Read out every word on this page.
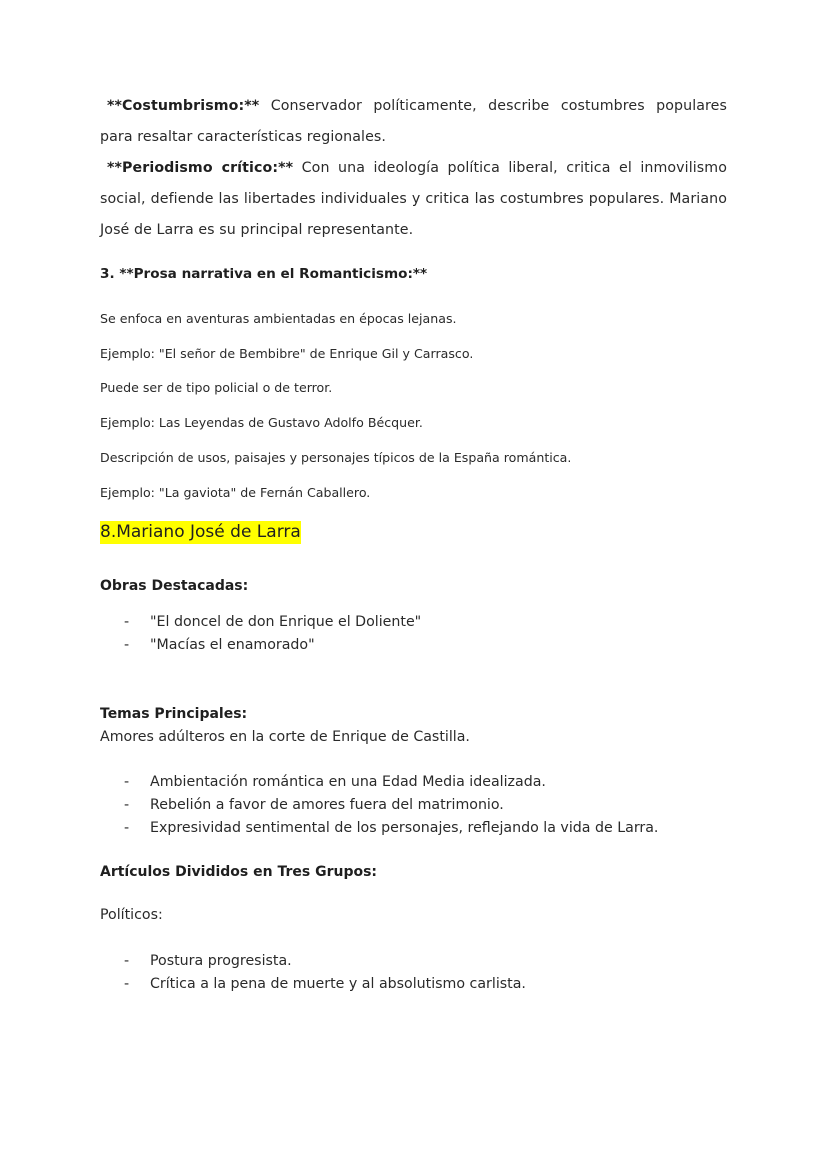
**Costumbrismo:** Conservador políticamente, describe costumbres populares para resaltar características regionales.
**Periodismo crítico:** Con una ideología política liberal, critica el inmovilismo social, defiende las libertades individuales y critica las costumbres populares. Mariano José de Larra es su principal representante.
3. **Prosa narrativa en el Romanticismo:**
Se enfoca en aventuras ambientadas en épocas lejanas.
Ejemplo: "El señor de Bembibre" de Enrique Gil y Carrasco.
Puede ser de tipo policial o de terror.
Ejemplo: Las Leyendas de Gustavo Adolfo Bécquer.
Descripción de usos, paisajes y personajes típicos de la España romántica.
Ejemplo: "La gaviota" de Fernán Caballero.
8.Mariano José de Larra
Obras Destacadas:
- "El doncel de don Enrique el Doliente"
- "Macías el enamorado"
Temas Principales:
Amores adúlteros en la corte de Enrique de Castilla.
- Ambientación romántica en una Edad Media idealizada.
- Rebelión a favor de amores fuera del matrimonio.
- Expresividad sentimental de los personajes, reflejando la vida de Larra.
Artículos Divididos en Tres Grupos:
Políticos:
- Postura progresista.
- Crítica a la pena de muerte y al absolutismo carlista.
